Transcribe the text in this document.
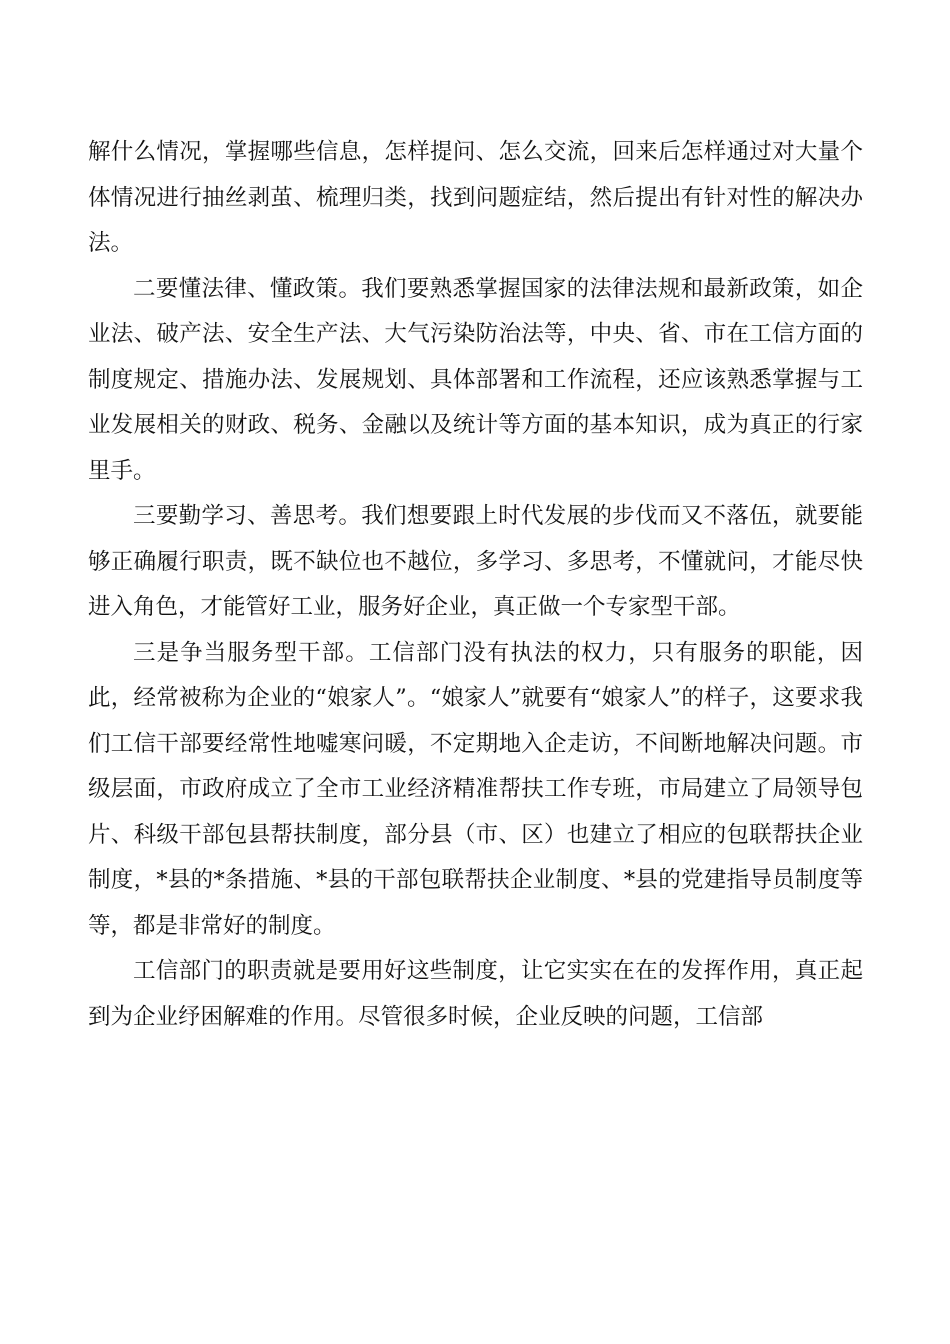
解什么情况，掌握哪些信息，怎样提问、怎么交流，回来后怎样通过对大量个体情况进行抽丝剥茧、梳理归类，找到问题症结，然后提出有针对性的解决办法。

二要懂法律、懂政策。我们要熟悉掌握国家的法律法规和最新政策，如企业法、破产法、安全生产法、大气污染防治法等，中央、省、市在工信方面的制度规定、措施办法、发展规划、具体部署和工作流程，还应该熟悉掌握与工业发展相关的财政、税务、金融以及统计等方面的基本知识，成为真正的行家里手。

三要勤学习、善思考。我们想要跟上时代发展的步伐而又不落伍，就要能够正确履行职责，既不缺位也不越位，多学习、多思考，不懂就问，才能尽快进入角色，才能管好工业，服务好企业，真正做一个专家型干部。

三是争当服务型干部。工信部门没有执法的权力，只有服务的职能，因此，经常被称为企业的“娘家人”。“娘家人”就要有“娘家人”的样子，这要求我们工信干部要经常性地嘘寒问暖，不定期地入企走访，不间断地解决问题。市级层面，市政府成立了全市工业经济精准帮扶工作专班，市局建立了局领导包片、科级干部包县帮扶制度，部分县（市、区）也建立了相应的包联帮扶企业制度，*县的*条措施、*县的干部包联帮扶企业制度、*县的党建指导员制度等等，都是非常好的制度。

工信部门的职责就是要用好这些制度，让它实实在在的发挥作用，真正起到为企业纾困解难的作用。尽管很多时候，企业反映的问题，工信部
